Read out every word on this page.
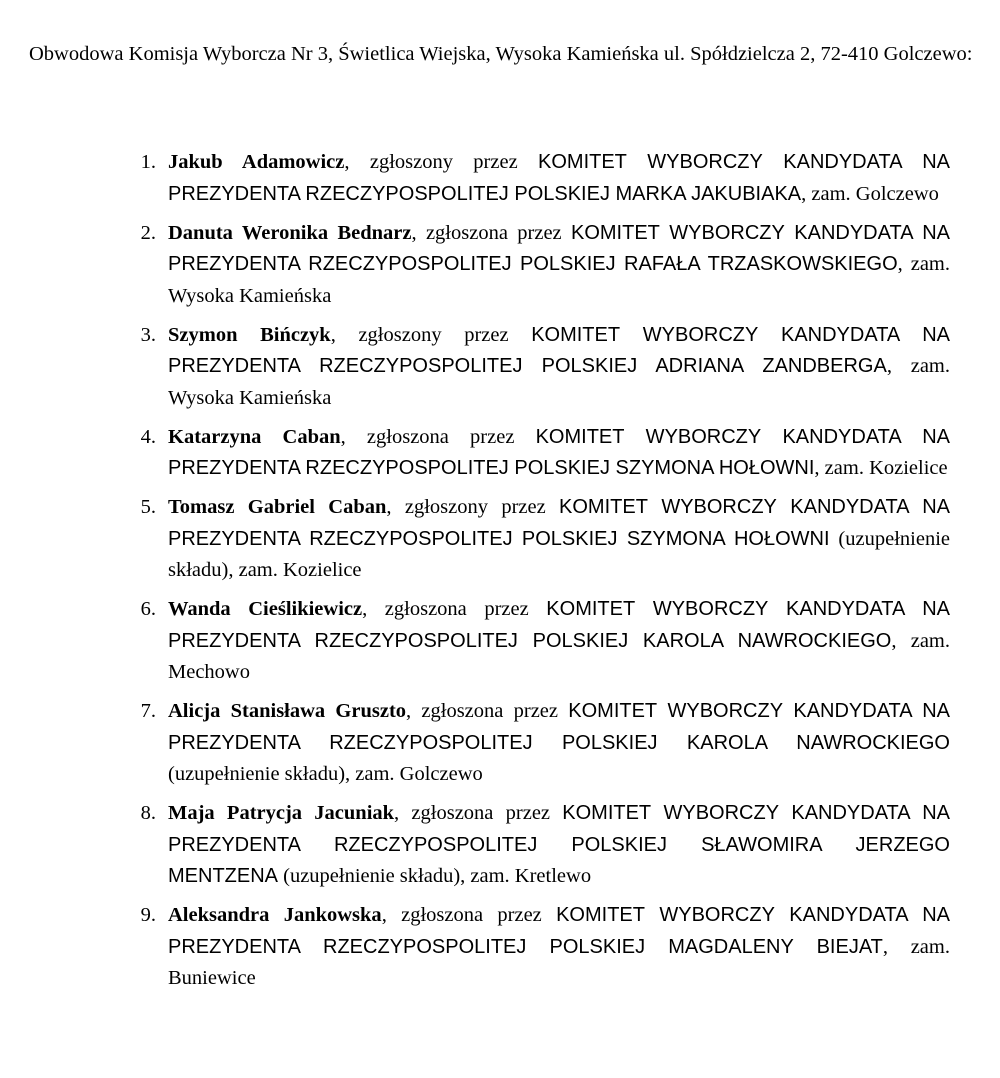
Obwodowa Komisja Wyborcza Nr 3, Świetlica Wiejska, Wysoka Kamieńska ul. Spółdzielcza 2, 72-410 Golczewo:
1. Jakub Adamowicz, zgłoszony przez KOMITET WYBORCZY KANDYDATA NA PREZYDENTA RZECZYPOSPOLITEJ POLSKIEJ MARKA JAKUBIAKA, zam. Golczewo
2. Danuta Weronika Bednarz, zgłoszona przez KOMITET WYBORCZY KANDYDATA NA PREZYDENTA RZECZYPOSPOLITEJ POLSKIEJ RAFAŁA TRZASKOWSKIEGO, zam. Wysoka Kamieńska
3. Szymon Bińczyk, zgłoszony przez KOMITET WYBORCZY KANDYDATA NA PREZYDENTA RZECZYPOSPOLITEJ POLSKIEJ ADRIANA ZANDBERGA, zam. Wysoka Kamieńska
4. Katarzyna Caban, zgłoszona przez KOMITET WYBORCZY KANDYDATA NA PREZYDENTA RZECZYPOSPOLITEJ POLSKIEJ SZYMONA HOŁOWNI, zam. Kozielice
5. Tomasz Gabriel Caban, zgłoszony przez KOMITET WYBORCZY KANDYDATA NA PREZYDENTA RZECZYPOSPOLITEJ POLSKIEJ SZYMONA HOŁOWNI (uzupełnienie składu), zam. Kozielice
6. Wanda Cieślikiewicz, zgłoszona przez KOMITET WYBORCZY KANDYDATA NA PREZYDENTA RZECZYPOSPOLITEJ POLSKIEJ KAROLA NAWROCKIEGO, zam. Mechowo
7. Alicja Stanisława Gruszto, zgłoszona przez KOMITET WYBORCZY KANDYDATA NA PREZYDENTA RZECZYPOSPOLITEJ POLSKIEJ KAROLA NAWROCKIEGO (uzupełnienie składu), zam. Golczewo
8. Maja Patrycja Jacuniak, zgłoszona przez KOMITET WYBORCZY KANDYDATA NA PREZYDENTA RZECZYPOSPOLITEJ POLSKIEJ SŁAWOMIRA JERZEGO MENTZENA (uzupełnienie składu), zam. Kretlewo
9. Aleksandra Jankowska, zgłoszona przez KOMITET WYBORCZY KANDYDATA NA PREZYDENTA RZECZYPOSPOLITEJ POLSKIEJ MAGDALENY BIEJAT, zam. Buniewice
